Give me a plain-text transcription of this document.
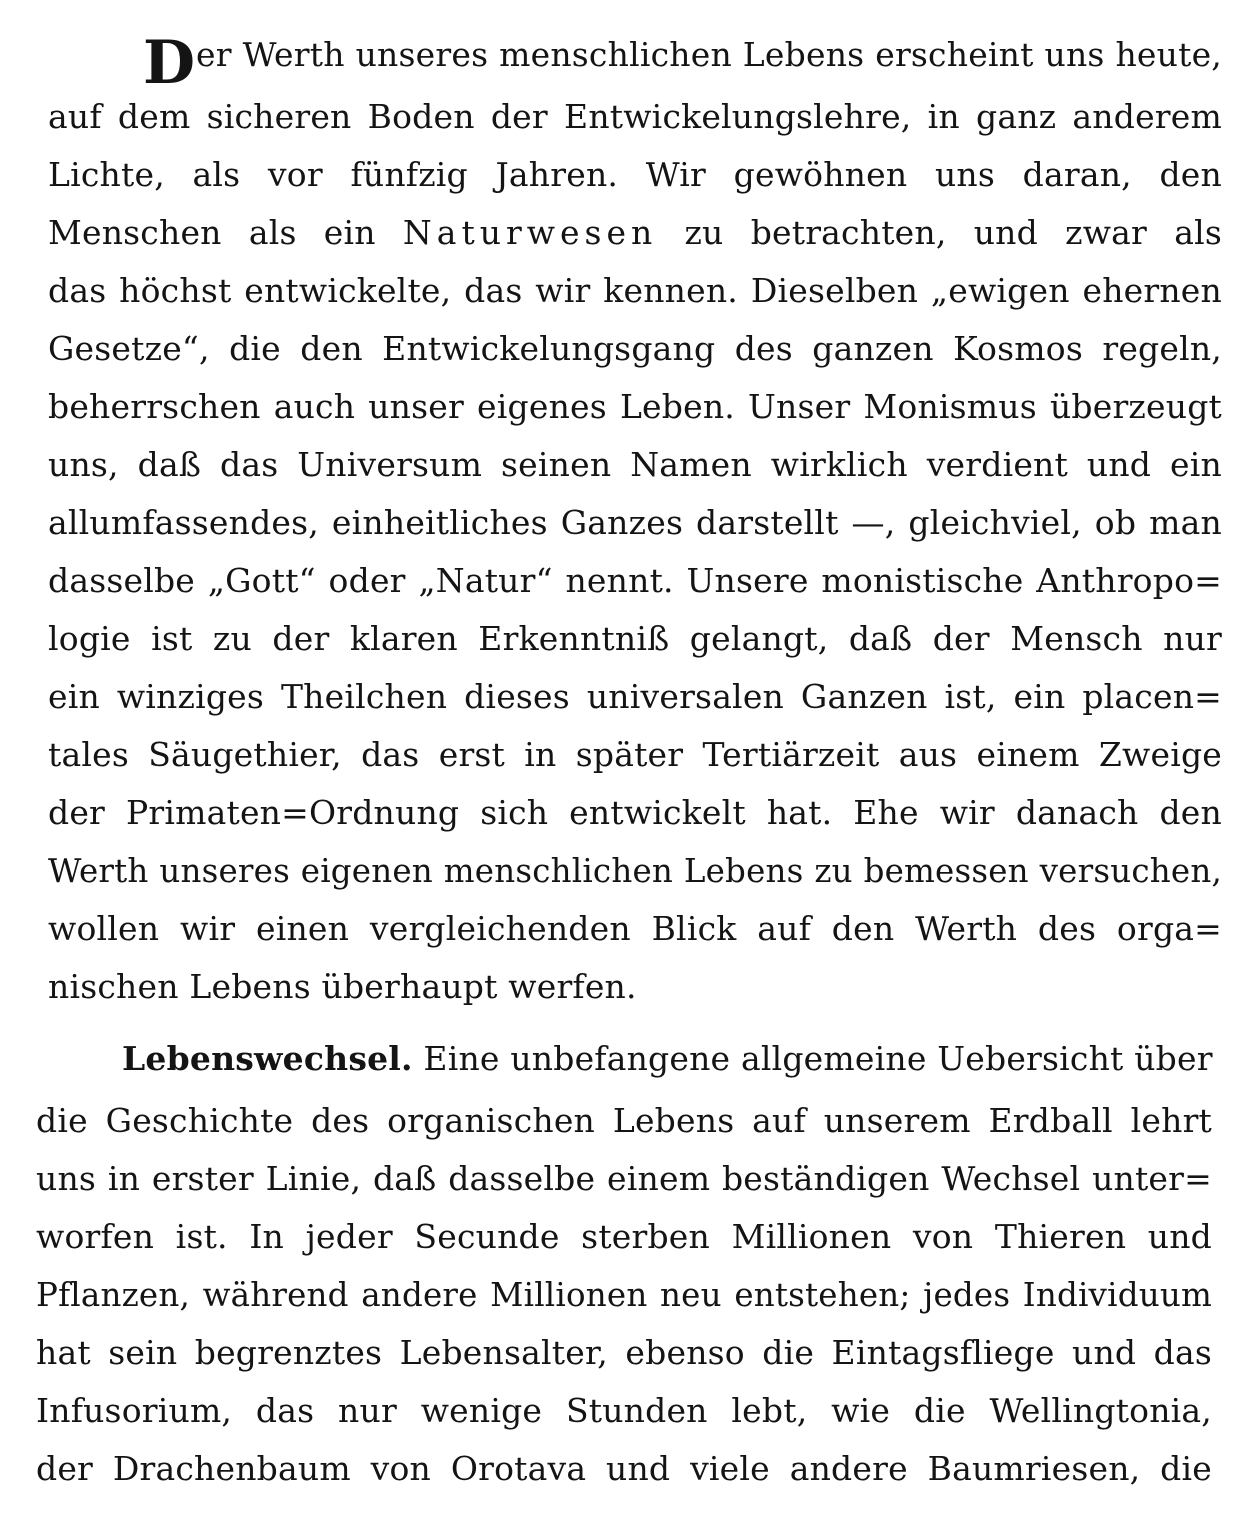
D er Werth unseres menschlichen Lebens erscheint uns heute,
auf dem sicheren Boden der Entwickelungslehre, in ganz anderem
Lichte, als vor fünfzig Jahren. Wir gewöhnen uns daran, den
Menschen als ein Naturwesen zu betrachten, und zwar als
das höchst entwickelte, das wir kennen. Dieselben „ewigen ehernen
Gesetze“, die den Entwickelungsgang des ganzen Kosmos regeln,
beherrschen auch unser eigenes Leben. Unser Monismus überzeugt
uns, daß das Universum seinen Namen wirklich verdient und ein
allumfassendes, einheitliches Ganzes darstellt —, gleichviel, ob man
dasselbe „Gott“ oder „Natur“ nennt. Unsere monistische Anthropo=
logie ist zu der klaren Erkenntniß gelangt, daß der Mensch nur
ein winziges Theilchen dieses universalen Ganzen ist, ein placen=
tales Säugethier, das erst in später Tertiärzeit aus einem Zweige
der Primaten=Ordnung sich entwickelt hat. Ehe wir danach den
Werth unseres eigenen menschlichen Lebens zu bemessen versuchen,
wollen wir einen vergleichenden Blick auf den Werth des orga=
nischen Lebens überhaupt werfen.
Lebenswechsel. Eine unbefangene allgemeine Uebersicht über
die Geschichte des organischen Lebens auf unserem Erdball lehrt
uns in erster Linie, daß dasselbe einem beständigen Wechsel unter=
worfen ist. In jeder Secunde sterben Millionen von Thieren und
Pflanzen, während andere Millionen neu entstehen; jedes Individuum
hat sein begrenztes Lebensalter, ebenso die Eintagsfliege und das
Infusorium, das nur wenige Stunden lebt, wie die Wellingtonia,
der Drachenbaum von Orotava und viele andere Baumriesen, die
